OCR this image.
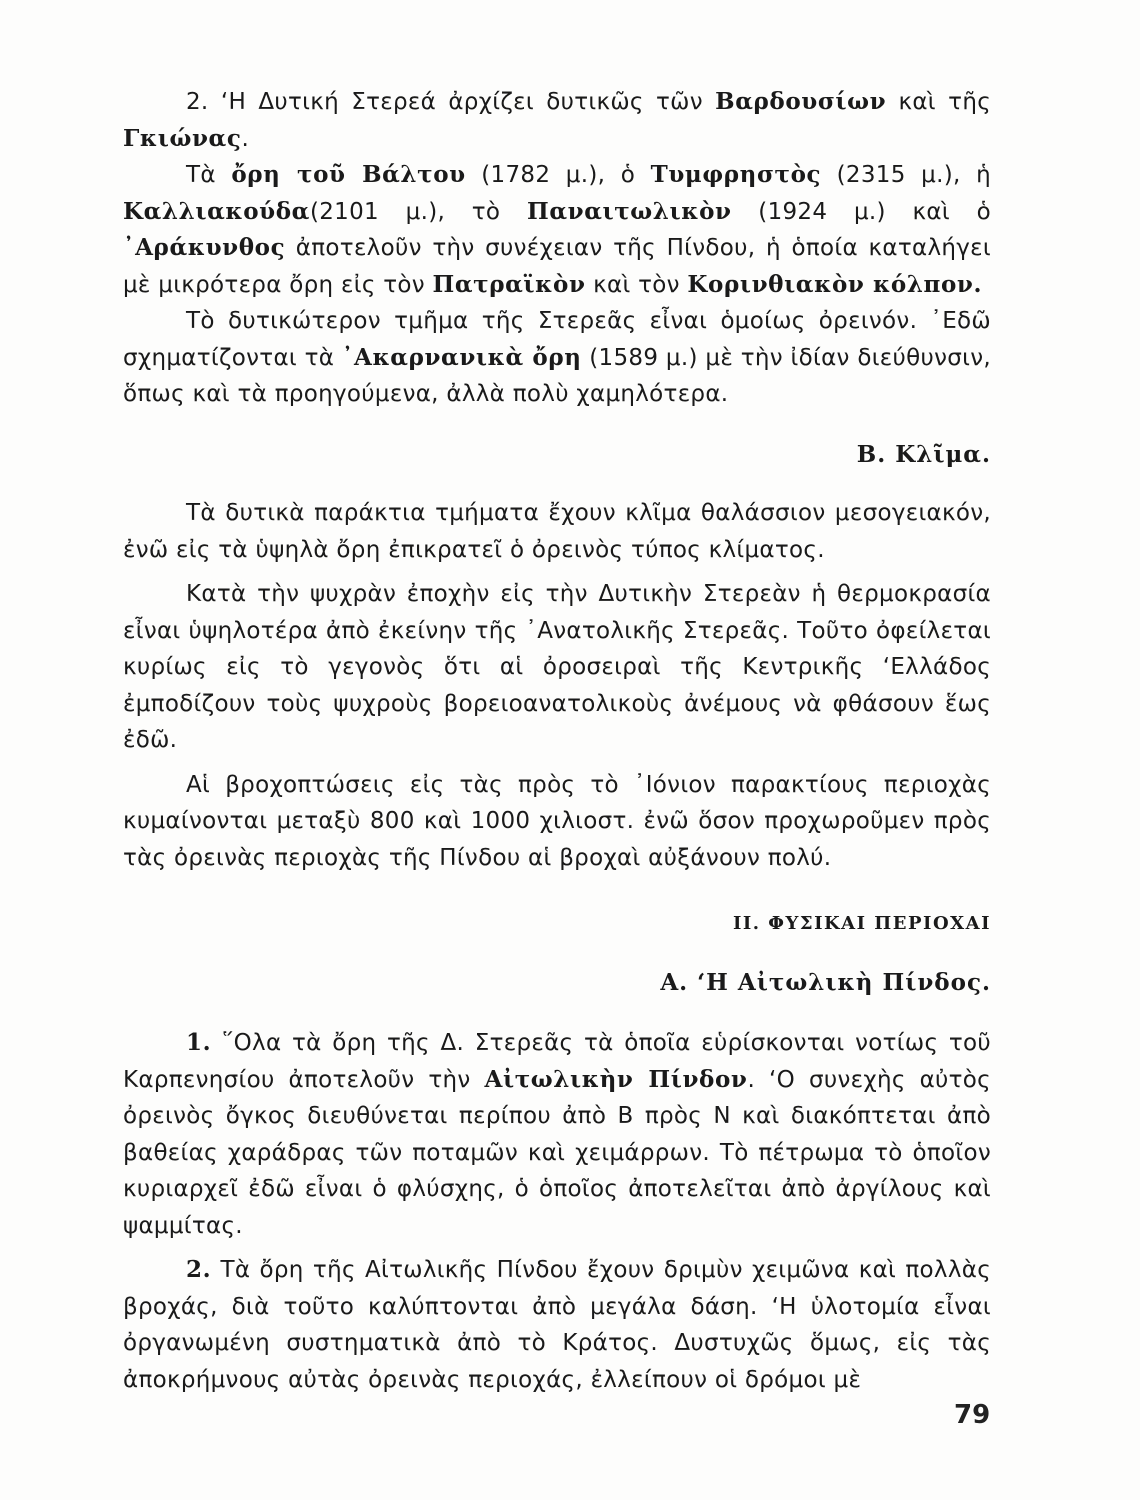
2. ‘Η Δυτική Στερεά ἀρχίζει δυτικῶς τῶν Βαρδουσίων καὶ τῆς Γκιώνας.

Τὰ ὄρη τοῦ Βάλτου (1782 μ.), ὁ Τυμφρηστὸς (2315 μ.), ἡ Καλλιακούδα(2101 μ.), τὸ Παναιτωλικὸν (1924 μ.) καὶ ὁ ᾿Αράκυνθος ἀποτελοῦν τὴν συνέχειαν τῆς Πίνδου, ἡ ὁποία καταλήγει μὲ μικρότερα ὄρη εἰς τὸν Πατραϊκὸν καὶ τὸν Κορινθιακὸν κόλπον.

Τὸ δυτικώτερον τμῆμα τῆς Στερεᾶς εἶναι ὁμοίως ὀρεινόν. ᾿Εδῶ σχηματίζονται τὰ ᾿Ακαρνανικὰ ὄρη (1589 μ.) μὲ τὴν ἰδίαν διεύθυνσιν, ὅπως καὶ τὰ προηγούμενα, ἀλλὰ πολὺ χαμηλότερα.

Β. Κλῖμα.

Τὰ δυτικὰ παράκτια τμήματα ἔχουν κλῖμα θαλάσσιον μεσογειακόν, ἐνῶ εἰς τὰ ὑψηλὰ ὄρη ἐπικρατεῖ ὁ ὀρεινὸς τύπος κλίματος.

Κατὰ τὴν ψυχρὰν ἐποχὴν εἰς τὴν Δυτικὴν Στερεὰν ἡ θερμοκρασία εἶναι ὑψηλοτέρα ἀπὸ ἐκείνην τῆς ᾿Ανατολικῆς Στερεᾶς. Τοῦτο ὀφείλεται κυρίως εἰς τὸ γεγονὸς ὅτι αἱ ὀροσειραὶ τῆς Κεντρικῆς ‘Ελλάδος ἐμποδίζουν τοὺς ψυχροὺς βορειοανατολικοὺς ἀνέμους νὰ φθάσουν ἕως ἐδῶ.

Αἱ βροχοπτώσεις εἰς τὰς πρὸς τὸ ᾿Ιόνιον παρακτίους περιοχὰς κυμαίνονται μεταξὺ 800 καὶ 1000 χιλιοστ. ἐνῶ ὅσον προχωροῦμεν πρὸς τὰς ὀρεινὰς περιοχὰς τῆς Πίνδου αἱ βροχαὶ αὐξάνουν πολύ.

ΙΙ. ΦΥΣΙΚΑΙ ΠΕΡΙΟΧΑΙ
Α. ‘Η Αἰτωλικὴ Πίνδος.

1. ῞Ολα τὰ ὄρη τῆς Δ. Στερεᾶς τὰ ὁποῖα εὑρίσκονται νοτίως τοῦ Καρπενησίου ἀποτελοῦν τὴν Αἰτωλικὴν Πίνδον. ‘Ο συνεχὴς αὐτὸς ὀρεινὸς ὄγκος διευθύνεται περίπου ἀπὸ Β πρὸς Ν καὶ διακόπτεται ἀπὸ βαθείας χαράδρας τῶν ποταμῶν καὶ χειμάρρων. Τὸ πέτρωμα τὸ ὁποῖον κυριαρχεῖ ἐδῶ εἶναι ὁ φλύσχης, ὁ ὁποῖος ἀποτελεῖται ἀπὸ ἀργίλους καὶ ψαμμίτας.

2. Τὰ ὄρη τῆς Αἰτωλικῆς Πίνδου ἔχουν δριμὺν χειμῶνα καὶ πολλὰς βροχάς, διὰ τοῦτο καλύπτονται ἀπὸ μεγάλα δάση. ‘Η ὑλοτομία εἶναι ὀργανωμένη συστηματικὰ ἀπὸ τὸ Κράτος. Δυστυχῶς ὅμως, εἰς τὰς ἀποκρήμνους αὐτὰς ὀρεινὰς περιοχάς, ἐλλείπουν οἱ δρόμοι μὲ

79
